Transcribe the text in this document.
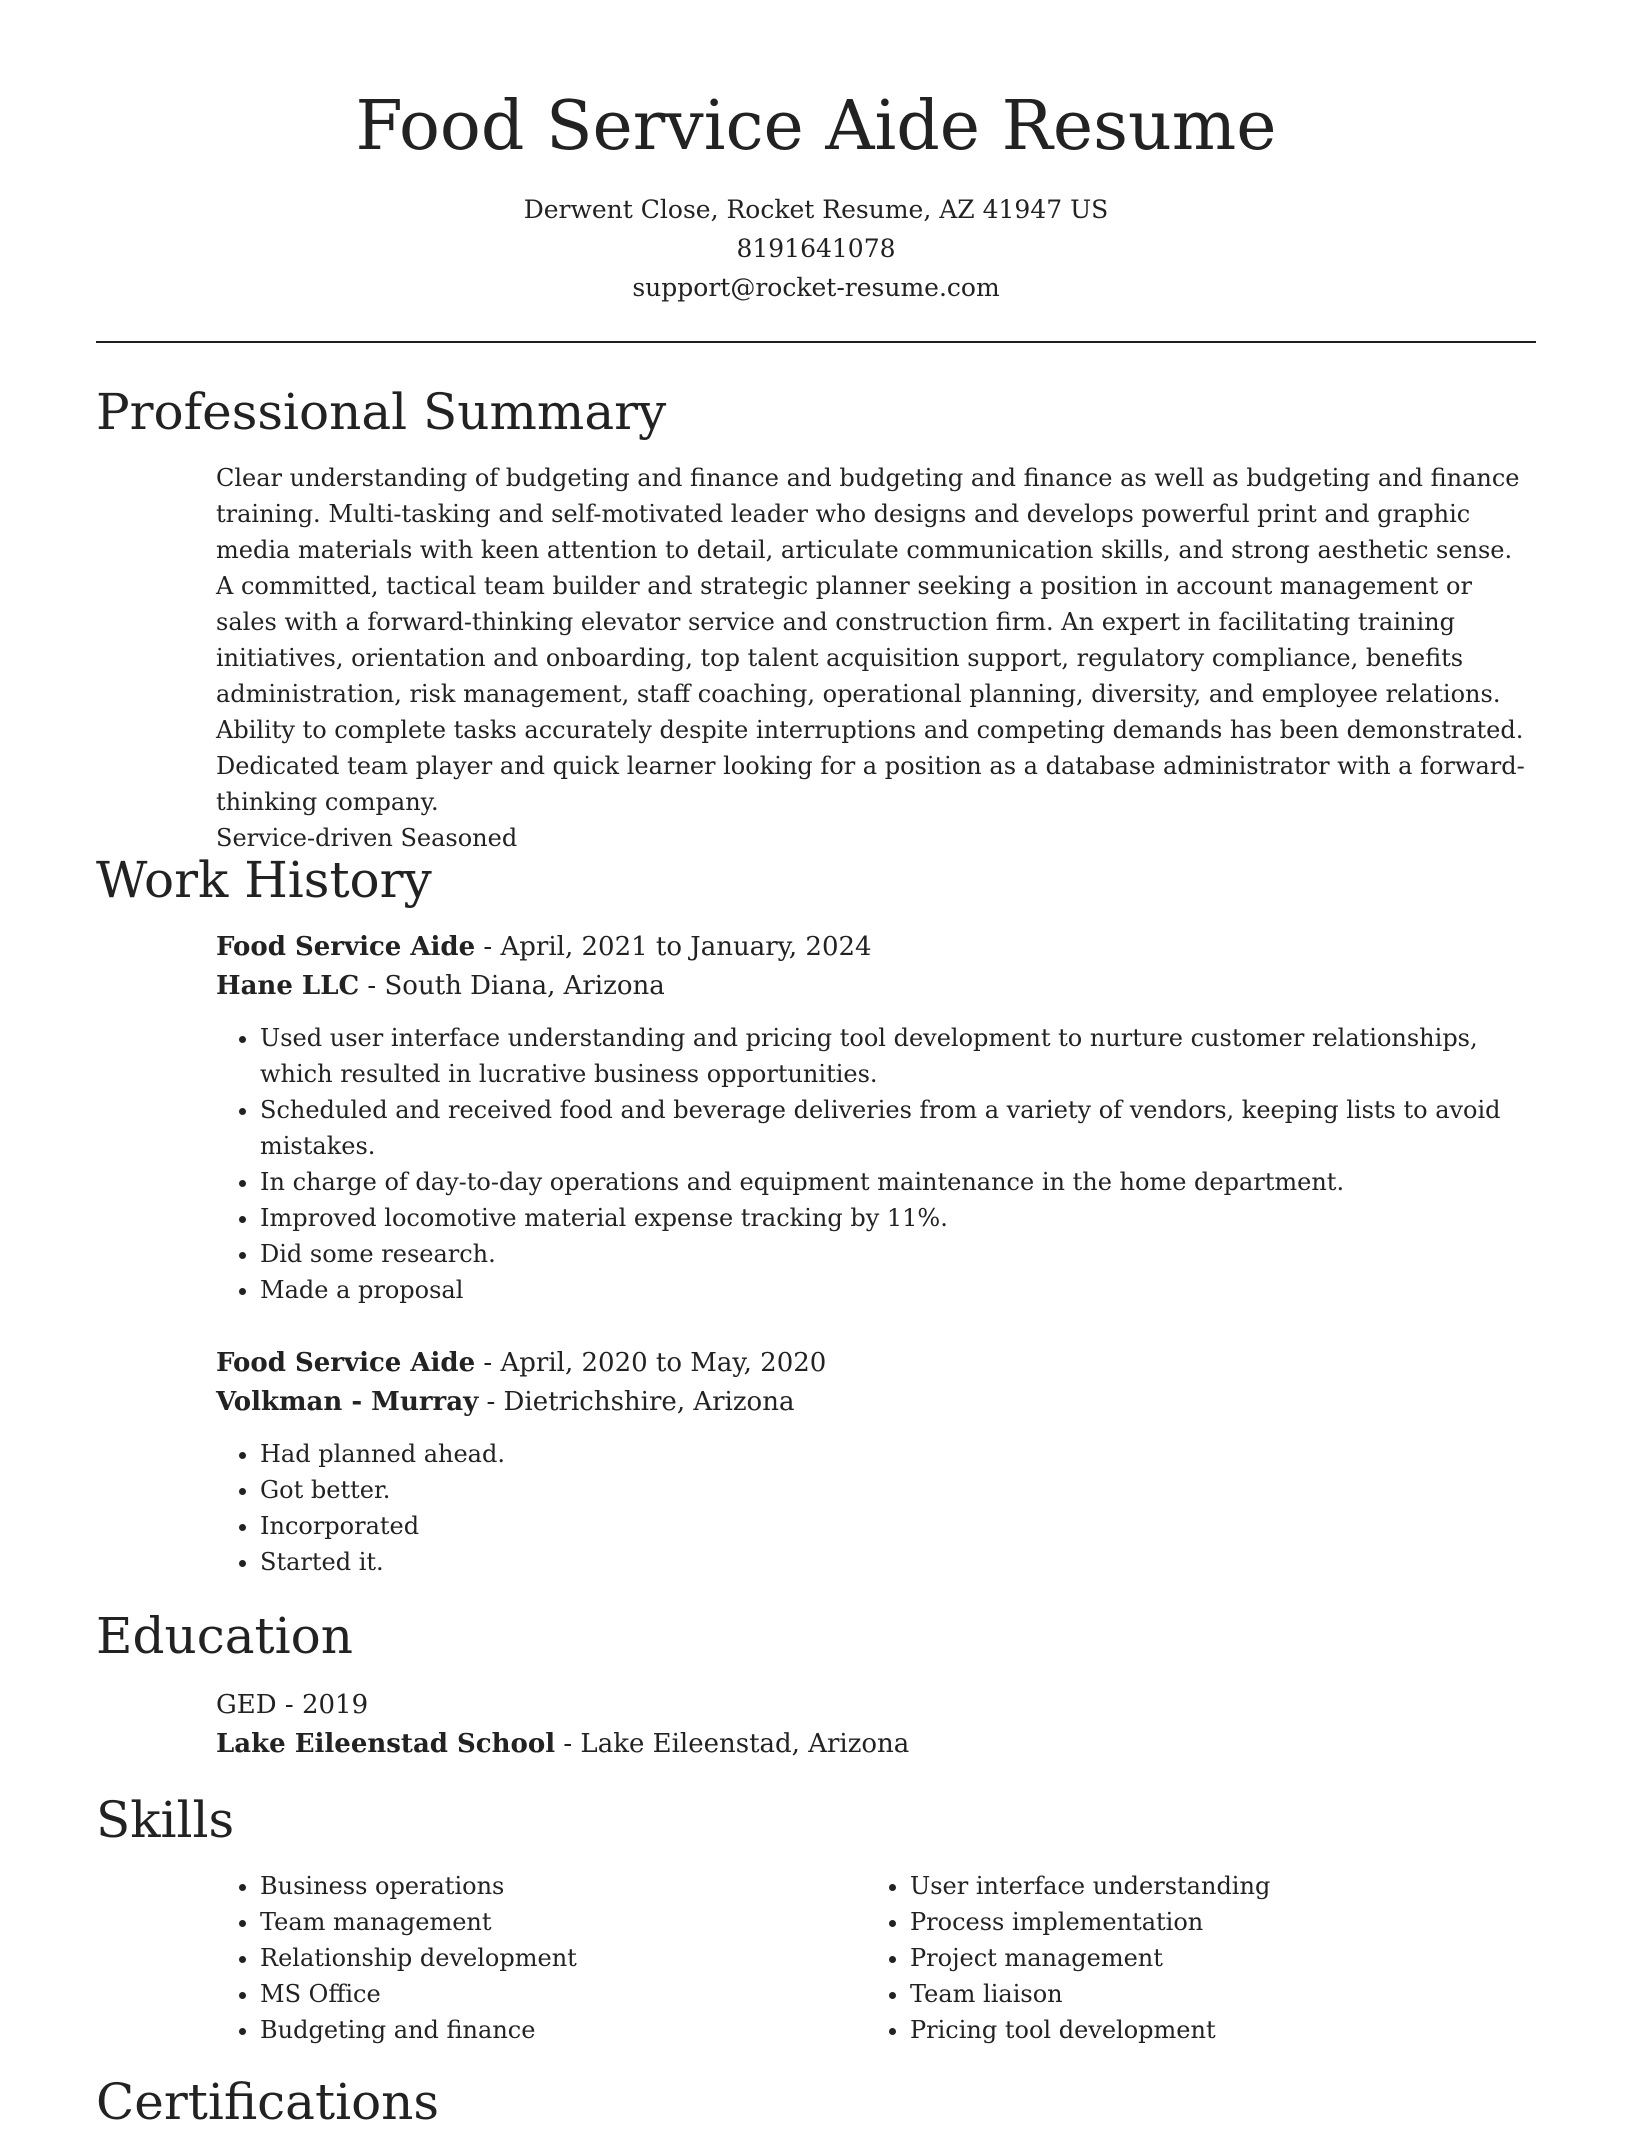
Food Service Aide Resume
Derwent Close, Rocket Resume, AZ 41947 US
8191641078
support@rocket-resume.com
Professional Summary

Clear understanding of budgeting and finance and budgeting and finance as well as budgeting and finance training. Multi-tasking and self-motivated leader who designs and develops powerful print and graphic media materials with keen attention to detail, articulate communication skills, and strong aesthetic sense. A committed, tactical team builder and strategic planner seeking a position in account management or sales with a forward-thinking elevator service and construction firm. An expert in facilitating training initiatives, orientation and onboarding, top talent acquisition support, regulatory compliance, benefits administration, risk management, staff coaching, operational planning, diversity, and employee relations. Ability to complete tasks accurately despite interruptions and competing demands has been demonstrated. Dedicated team player and quick learner looking for a position as a database administrator with a forward-thinking company.

Service-driven Seasoned

Work History
Food Service Aide - April, 2021 to January, 2024
Hane LLC - South Diana, Arizona
• Used user interface understanding and pricing tool development to nurture customer relationships, which resulted in lucrative business opportunities.
• Scheduled and received food and beverage deliveries from a variety of vendors, keeping lists to avoid mistakes.
• In charge of day-to-day operations and equipment maintenance in the home department.
• Improved locomotive material expense tracking by 11%.
• Did some research.
• Made a proposal
Food Service Aide - April, 2020 to May, 2020
Volkman - Murray - Dietrichshire, Arizona
• Had planned ahead.
• Got better.
• Incorporated
• Started it.
Education
GED - 2019
Lake Eileenstad School - Lake Eileenstad, Arizona
Skills
• Business operations
• Team management
• Relationship development
• MS Office
• Budgeting and finance
• User interface understanding
• Process implementation
• Project management
• Team liaison
• Pricing tool development
Certifications
